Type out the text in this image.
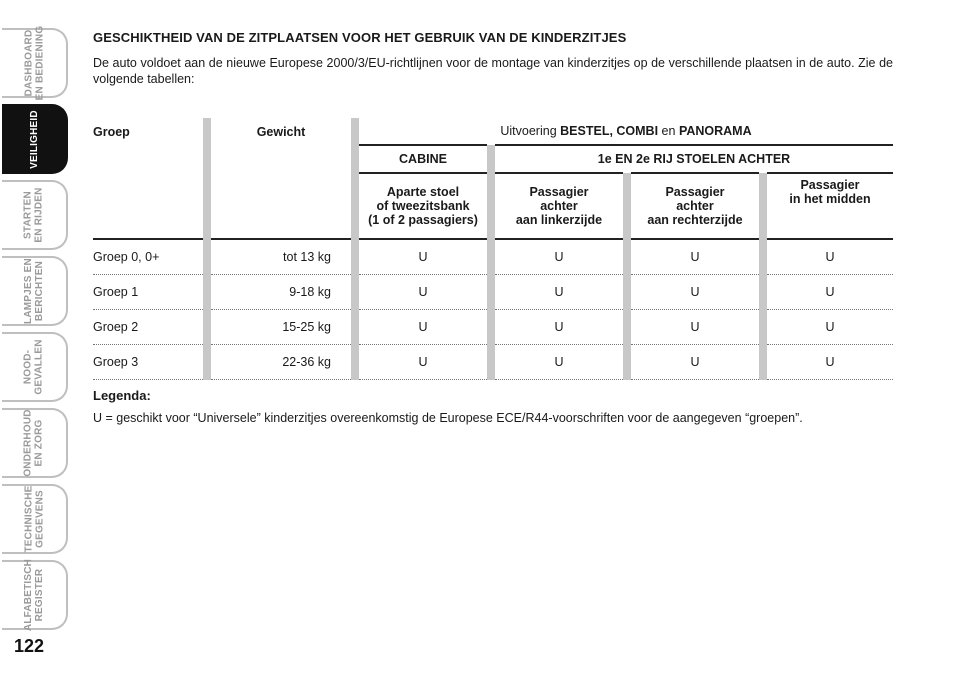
DASHBOARD
EN BEDIENING
VEILIGHEID
STARTEN
EN RIJDEN
LAMPJES EN
BERICHTEN
NOOD-
GEVALLEN
ONDERHOUD
EN ZORG
TECHNISCHE
GEGEVENS
ALFABETISCH
REGISTER
122
GESCHIKTHEID VAN DE ZITPLAATSEN VOOR HET GEBRUIK VAN DE KINDERZITJES

De auto voldoet aan de nieuwe Europese 2000/3/EU-richtlijnen voor de montage van kinderzitjes op de verschillende plaatsen in de auto. Zie de volgende tabellen:

Groep		Gewicht		Uitvoering BESTEL, COMBI en PANORAMA						
				CABINE		1e EN 2e RIJ STOELEN ACHTER				

				Aparte stoel
of tweezitsbank
(1 of 2 passagiers)		Passagier
achter
aan linkerzijde		Passagier
achter
aan rechterzijde		Passagier
in het midden

Groep 0, 0+		tot 13 kg		U		U		U		U
Groep 1		9-18 kg		U		U		U		U
Groep 2		15-25 kg		U		U		U		U
Groep 3		22-36 kg		U		U		U		U

Legenda:

U = geschikt voor “Universele” kinderzitjes overeenkomstig de Europese ECE/R44-voorschriften voor de aangegeven “groepen”.
